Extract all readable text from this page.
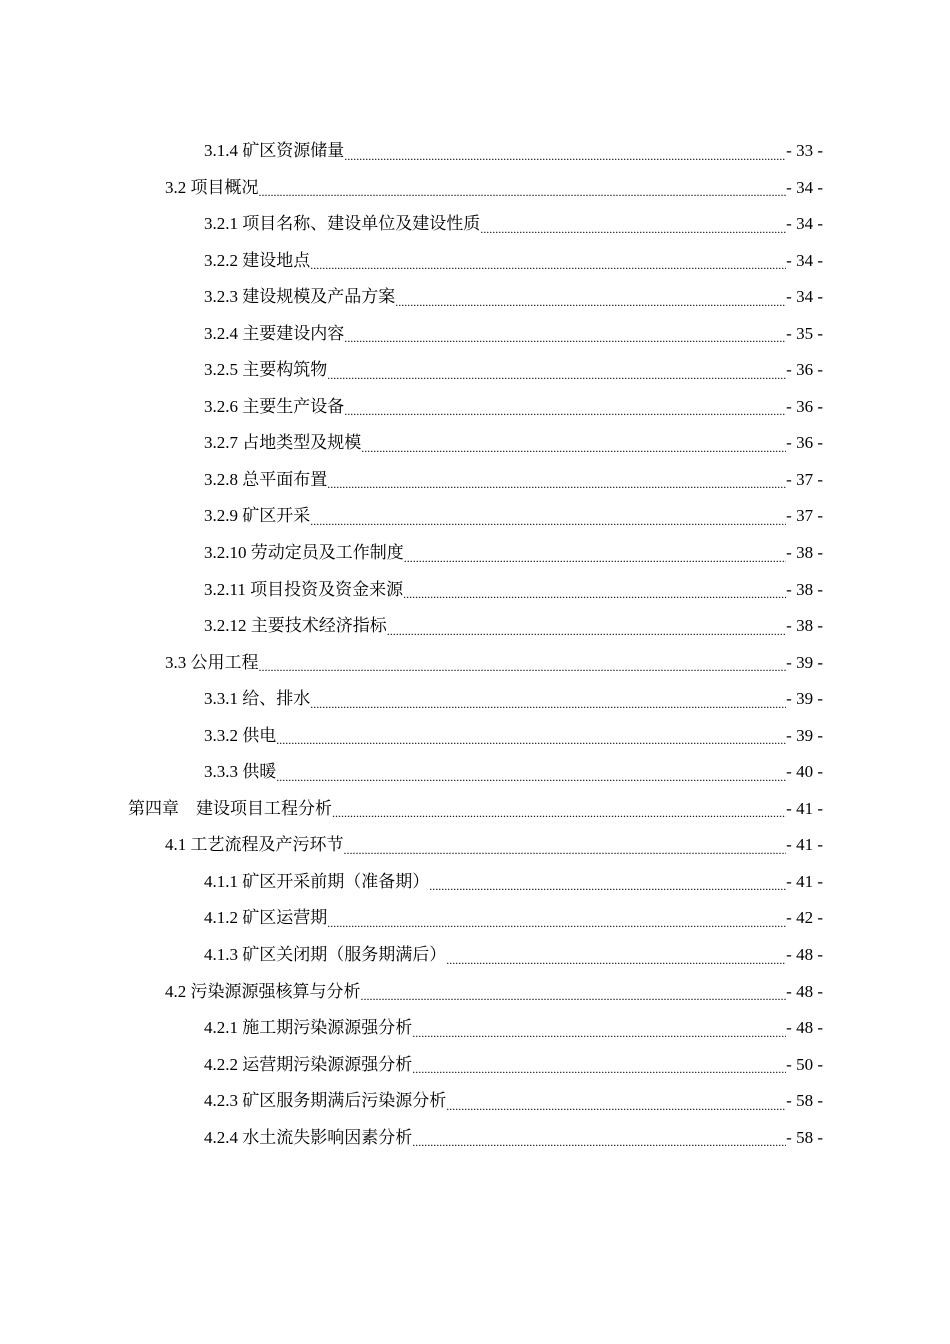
3.1.4 矿区资源储量 .....	- 33 -
3.2 项目概况 .....	- 34 -
3.2.1 项目名称、建设单位及建设性质 .....	- 34 -
3.2.2 建设地点 .....	- 34 -
3.2.3 建设规模及产品方案 .....	- 34 -
3.2.4 主要建设内容 .....	- 35 -
3.2.5 主要构筑物 .....	- 36 -
3.2.6 主要生产设备 .....	- 36 -
3.2.7 占地类型及规模 .....	- 36 -
3.2.8 总平面布置 .....	- 37 -
3.2.9 矿区开采 .....	- 37 -
3.2.10 劳动定员及工作制度 .....	- 38 -
3.2.11 项目投资及资金来源 .....	- 38 -
3.2.12 主要技术经济指标 .....	- 38 -
3.3 公用工程 .....	- 39 -
3.3.1 给、排水 .....	- 39 -
3.3.2 供电 .....	- 39 -
3.3.3 供暖 .....	- 40 -
第四章　建设项目工程分析 .....	- 41 -
4.1 工艺流程及产污环节 .....	- 41 -
4.1.1 矿区开采前期（准备期） .....	- 41 -
4.1.2 矿区运营期 .....	- 42 -
4.1.3 矿区关闭期（服务期满后） .....	- 48 -
4.2 污染源源强核算与分析 .....	- 48 -
4.2.1 施工期污染源源强分析 .....	- 48 -
4.2.2 运营期污染源源强分析 .....	- 50 -
4.2.3 矿区服务期满后污染源分析 .....	- 58 -
4.2.4 水土流失影响因素分析 .....	- 58 -
